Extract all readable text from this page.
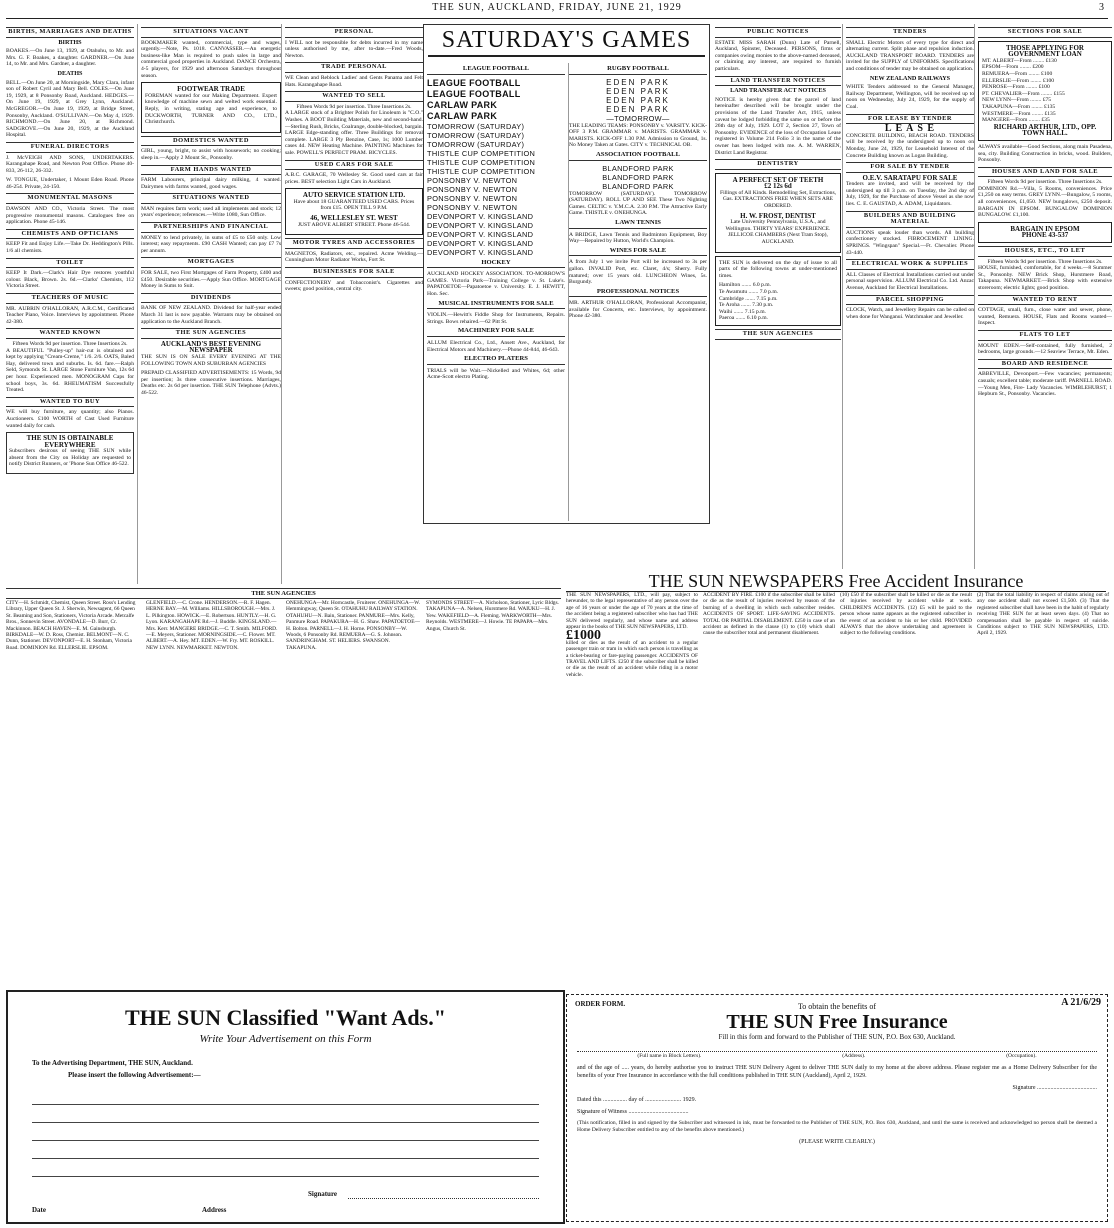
THE SUN, AUCKLAND, FRIDAY, JUNE 21, 1929	3
BIRTHS, MARRIAGES AND DEATHS
BIRTHS

BOAKES.—On June 13, 1929, at Otahuhu, to Mr. and Mrs. G. F. Boakes, a daughter. GARDNER.—On June 14, to Mr. and Mrs. Gardner, a daughter.

DEATHS

BELL.—On June 20, at Morningside, Mary Clara, infant son of Robert Cyril and Mary Bell. COLES.—On June 19, 1929, at 8 Ponsonby Road, Auckland. HEDGES.—On June 19, 1929, at Grey Lynn, Auckland. McGREGOR.—On June 19, 1929, at Bridge Street, Ponsonby, Auckland. O'SULLIVAN.—On May 4, 1929. RICHMOND.—On June 20, at Richmond. SADGROVE.—On June 20, 1929, at the Auckland Hospital.

FUNERAL DIRECTORS

J. McVEIGH AND SONS, UNDERTAKERS. Karangahape Road, and Newton Post Office. Phone 40-833, 26-112, 26-332.

W. TONGUE, Undertaker, 1 Mount Eden Road. Phone 46-254. Private, 24-150.

MONUMENTAL MASONS

DAWSON AND CO., Victoria Street. The most progressive monumental masons. Catalogues free on application. Phone 45-146.

CHEMISTS AND OPTICIANS

KEEP Fit and Enjoy Life.—Take Dr. Heddington's Pills. 1/6 all chemists.

TOILET

KEEP It Dark.—Clark's Hair Dye restores youthful colour. Black, Brown. 2s. 6d.—Clarks' Chemists, 112 Victoria Street.

TEACHERS OF MUSIC

MR. AUBRIN O'HALLORAN, A.R.C.M., Certificated Teacher Piano, Voice. Interviews by appointment. Phone 42-380.

WANTED KNOWN
Fifteen Words 9d per insertion. Three Insertions 2s.

A BEAUTIFUL "Pulley-up" hair-cut is obtained and kept by applying "Cream-Creme," 1/6. 2/6. OATS, Baled Hay, delivered town and suburbs. Is. 6d. fare.—Ralph Seld, Symonds St. LARGE Stone Furniture Van, 12s 6d per hour. Experienced men. MONOGRAM Caps for school boys, 3s. 6d. RHEUMATISM Successfully Treated.

WANTED TO BUY

WE will buy furniture, any quantity; also Pianos. Auctioneers. £100 WORTH of Cast Used Furniture wanted daily for cash.

THE SUN IS OBTAINABLE EVERYWHERE

Subscribers desirous of seeing THE SUN while absent from the City on Holiday are requested to notify District Runners, or 'Phone Sun Office 46-522.

SITUATIONS VACANT

BOOKMAKER wanted, commercial, type and wages, urgently.—Note, Ps. 1018. CANVASSER.—An energetic business-like Man is required to push sales in large and commercial good properties in Auckland. DANCE Orchestra, 4-5 players, for 1929 and afternoon Saturdays throughout season.

FOOTWEAR TRADE

FOREMAN wanted for our Making Department. Expert knowledge of machine sewn and welted work essential. Reply, in writing, stating age and experience, to DUCKWORTH, TURNER AND CO., LTD., Christchurch.

DOMESTICS WANTED

GIRL, young, bright, to assist with housework; no cooking; sleep in.—Apply 2 Mount St., Ponsonby.

FARM HANDS WANTED

FARM Labourers, principal dairy milking, 4 wanted. Dairymen with farms wanted, good wages.

SITUATIONS WANTED

MAN requires farm work; used all implements and stock; 12 years' experience; references.—Write 1080, Sun Office.

PARTNERSHIPS AND FINANCIAL

MONEY to lend privately, in sums of £5 to £50 only. Low interest; easy repayments. £90 CASH Wanted; can pay £7 7s per annum.

MORTGAGES

FOR SALE, two First Mortgages of Farm Property, £400 and £450. Desirable securities.—Apply Sun Office. MORTGAGE Money in Sums to Suit.

DIVIDENDS

BANK OF NEW ZEALAND. Dividend for half-year ended March 31 last is now payable. Warrants may be obtained on application to the Auckland Branch.

THE SUN AGENCIES
AUCKLAND'S BEST EVENING NEWSPAPER

THE SUN IS ON SALE EVERY EVENING AT THE FOLLOWING TOWN AND SUBURBAN AGENCIES

PREPAID CLASSIFIED ADVERTISEMENTS: 15 Words, 9d per insertion; 3s three consecutive insertions. Marriages, Deaths etc. 2s 6d per insertion. THE SUN Telephone (Advts.) 46-522.

PERSONAL

I WILL not be responsible for debts incurred in my name unless authorised by me, after to-date.—Fred Woods, Newton.

TRADE PERSONAL

WE Clean and Reblock Ladies' and Gents Panama and Felt Hats. Karangahape Road.

WANTED TO SELL
Fifteen Words 9d per insertion. Three Insertions 2s.

A LARGE stock of a Brighter Polish for Linoleum is "C.O." Washes. A BOOT Building Materials, new and second-hand.—Sterling Rush, Bricks, Coalrange, double-blocked, bargain. LARGE Edge-standing offer. Three Buildings for removal complete. LARGE 3 Ply Benzine, Case, 1s; 1000 Lumber cases 4d. NEW Heating Machine. PAINTING Machines for sale. POWELL'S PERFECT PRAM. BICYCLES.

USED CARS FOR SALE

A.B.C. GARAGE, 70 Wellesley St. Good used cars at fair prices. BEST selection Light Cars in Auckland.

AUTO SERVICE STATION LTD.

Have about 18 GUARANTEED USED CARS. Prices from £15. OPEN TILL 9 P.M.

46, WELLESLEY ST. WEST

JUST ABOVE ALBERT STREET. Phone 46-544.

MOTOR TYRES AND ACCESSORIES

MAGNETOS, Radiators, etc., repaired. Acme Welding.—Cunningham Motor Radiator Works, Fort St.

BUSINESSES FOR SALE

CONFECTIONERY and Tobacconist's. Cigarettes and sweets; good position, central city.

SATURDAY'S GAMES
LEAGUE FOOTBALL
LEAGUE FOOTBALL
LEAGUE FOOTBALL
CARLAW PARK
CARLAW PARK
TOMORROW (SATURDAY)
TOMORROW (SATURDAY)
TOMORROW (SATURDAY)
THISTLE CUP COMPETITION
THISTLE CUP COMPETITION
THISTLE CUP COMPETITION
PONSONBY V. NEWTON
PONSONBY V. NEWTON
PONSONBY V. NEWTON
PONSONBY V. NEWTON
DEVONPORT V. KINGSLAND
DEVONPORT V. KINGSLAND
DEVONPORT V. KINGSLAND
DEVONPORT V. KINGSLAND
DEVONPORT V. KINGSLAND
HOCKEY

AUCKLAND HOCKEY ASSOCIATION. TO-MORROW'S GAMES. Victoria Park—Training College v. St. Luke's. PAPATOETOE—Papatoetoe v. University. E. J. HEWITT, Hon. Sec.

MUSICAL INSTRUMENTS FOR SALE

VIOLIN.—Hewitt's Fiddle Shop for Instruments, Repairs. Strings. Bows rehaired.—62 Pitt St.

MACHINERY FOR SALE

ALLUM Electrical Co., Ltd., Ansett Ave., Auckland, for Electrical Motors and Machinery.—Phone 44-844, 46-643.

ELECTRO PLATERS

TRIALS will be Wait.—Nickelled and Whites, 6d; other Acme-Scott electro Plating.

RUGBY FOOTBALL
EDEN PARK
EDEN PARK
EDEN PARK
EDEN PARK
—TOMORROW—

THE LEADING TEAMS: PONSONBY v. VARSITY. KICK-OFF 3 P.M. GRAMMAR v. MARISTS. GRAMMAR v. MARISTS. KICK-OFF 1.30 P.M. Admission to Ground, 1s. No Money Taken at Gates. CITY v. TECHNICAL OB.

ASSOCIATION FOOTBALL
BLANDFORD PARK
BLANDFORD PARK
BLANDFORD PARK

TOMORROW (SATURDAY). TOMORROW (SATURDAY). ROLL UP AND SEE These Two Nighting Games. CELTIC v. Y.M.C.A. 2.30 P.M. The Attractive Early Game. THISTLE v. ONEHUNGA.

LAWN TENNIS

A BRIDGE, Lawn Tennis and Badminton Equipment, Boy Way—Repaired by Hutton, World's Champion.

WINES FOR SALE

A from July 1 we invite Port will be increased to 3s per gallon. INVALID Port, etc. Claret, 4/s; Sherry. Fully matured; over 15 years old. LUNCHEON Wines, 5s. Burgundy.

PROFESSIONAL NOTICES

MR. ARTHUR O'HALLORAN, Professional Accompanist, available for Concerts, etc. Interviews, by appointment. Phone 42-380.

PUBLIC NOTICES

ESTATE MISS SARAH (Dunn) Late of Parnell, Auckland, Spinster, Deceased. PERSONS, firms or companies owing monies to the above-named deceased, or claiming any interest, are required to furnish particulars.

LAND TRANSFER NOTICES
LAND TRANSFER ACT NOTICES

NOTICE is hereby given that the parcel of land hereinafter described will be brought under the provisions of the Land Transfer Act, 1915, unless caveat be lodged forbidding the same on or before the 26th day of July, 1929. LOT 2, Section 27, Town of Ponsonby. EVIDENCE of the loss of Occupation Lease registered in Volume 214 Folio 3 in the name of the owner has been lodged with me. A. M. WARREN, District Land Registrar.

DENTISTRY
A PERFECT SET OF TEETH
£2 12s 6d

Fillings of All Kinds. Remodelling Set, Extractions, Gas. EXTRACTIONS FREE WHEN SETS ARE ORDERED.

H. W. FROST, DENTIST

Late University Pennsylvania, U.S.A., and Wellington. THIRTY YEARS' EXPERIENCE. JELLICOE CHAMBERS (Next Tram Stop), AUCKLAND.

THE SUN is delivered on the day of issue to all parts of the following towns at under-mentioned times.

Hamilton ....... 6.0 p.m.
Te Awamutu ....... 7.0 p.m.
Cambridge ....... 7.15 p.m.
Te Aroha ....... 7.30 p.m.
Waihi ....... 7.15 p.m.
Paeroa ....... 6.10 p.m.
THE SUN AGENCIES
TENDERS

SMALL Electric Motors of every type for direct and alternating current. Split phase and repulsion induction. AUCKLAND TRANSPORT BOARD. TENDERS are invited for the SUPPLY of UNIFORMS. Specifications and conditions of tender may be obtained on application.

NEW ZEALAND RAILWAYS

WHITE Tenders addressed to the General Manager, Railway Department, Wellington, will be received up to noon on Wednesday, July 24, 1929, for the supply of Coal.

FOR LEASE BY TENDER
L E A S E

CONCRETE BUILDING, BEACH ROAD. TENDERS will be received by the undersigned up to noon on Monday, June 24, 1929, for Leasehold Interest of the Concrete Building known as Logan Building.

FOR SALE BY TENDER
O.E.V. SARATAPU FOR SALE

Tenders are invited, and will be received by the undersigned up till 3 p.m. on Tuesday, the 2nd day of July, 1929, for the Purchase of above Vessel as she now lies. C. E. GAUSTAD, A. ADAM, Liquidators.

BUILDERS AND BUILDING MATERIAL

AUCTIONS speak louder than words. All building confectionery stocked. FIBROCEMENT LINING. SPRINGS. "Wingspan" Special.—Ft. Chevalier. Phone 43-440.

ELECTRICAL WORK & SUPPLIES

ALL Classes of Electrical Installations carried out under personal supervision. ALLUM Electrical Co. Ltd. Anzac Avenue, Auckland for Electrical Installations.

PARCEL SHOPPING

CLOCK, Watch, and Jewellery Repairs can be called on when done for Wanganui. Watchmaker and Jeweller.

SECTIONS FOR SALE
THOSE APPLYING FOR GOVERNMENT LOAN
MT. ALBERT—From ........ £130
EPSOM—From ........ £200
REMUERA—From ........ £100
ELLERSLIE—From ........ £100
PENROSE—From ........ £100
PT. CHEVALIER—From ........ £155
NEW LYNN—From ........ £75
TAKAPUNA—From ........ £135
WESTMERE—From ........ £135
MANGERE—From ........ £35
RICHARD ARTHUR, LTD., OPP. TOWN HALL.

ALWAYS available—Good Sections, along main Pasadena, sea, city. Building Construction in bricks, wood. Builders, Ponsonby.

HOUSES AND LAND FOR SALE
Fifteen Words 9d per insertion. Three Insertions 2s.

DOMINION Rd.—Villa, 5 Rooms, conveniences. Price £1,250 on easy terms. GREY LYNN.—Bungalow, 5 rooms, all conveniences, £1,050. NEW bungalows, £250 deposit. BARGAIN IN EPSOM. BUNGALOW DOMINION BUNGALOW. £1,100.

BARGAIN IN EPSOM
PHONE 43-537
HOUSES, ETC., TO LET
Fifteen Words 9d per insertion. Three Insertions 2s.

HOUSE, furnished, comfortable, for 4 weeks.—8 Summer St., Ponsonby. NEW Brick Shop, Hurstmere Road, Takapuna. NEWMARKET.—Brick Shop with extensive storeroom; electric lights; good position.

WANTED TO RENT

COTTAGE, small, furn., close water and sewer, phone, wanted, Remuera. HOUSE, Flats and Rooms wanted—Inspect.

FLATS TO LET

MOUNT EDEN.—Self-contained, fully furnished, 2 bedrooms, large grounds.—12 Seaview Terrace, Mt. Eden.

BOARD AND RESIDENCE

ABBEVILLE, Devonport.—Few vacancies; permanents; casuals; excellent table; moderate tariff. PARNELL ROAD.—Young Men, Fire- Lady Vacancies. WIMBLEHURST, 1 Hepburn St., Ponsonby. Vacancies.

THE SUN AGENCIES
CITY—H. Schmidt, Chemist, Queen Street. Ross's Lending Library, Upper Queen St. J. Sherwin, Newsagent, 66 Queen St. Beaming and Son, Stationers, Victoria Arcade. Metcalfe Bros., Sonnevin Street. AVONDALE—D. Burr, Cr. Mackinnon. BEACH HAVEN—E. M. Gainsburgh. BIRKDALE—W. D. Ross, Chemist. BELMONT—N. C. Dunn, Stationer. DEVONPORT—E. H. Stonham, Victoria Road. DOMINION Rd. ELLERSLIE. EPSOM.
GLENFIELD.—C. Crone. HENDERSON.—R. F. Hagen. HERNE BAY.—M. Williams. HILLSBOROUGH.—Mrs. J. L. Pilkington. HOWICK.—E. Robertson. HUNTLY.—H. G. Lyon. KARANGAHAPE Rd.—J. Buddle. KINGSLAND.—Mrs. Kerr. MANGERE BRIDGE.—C. T. Smith. MILFORD.—E. Meyers, Stationer. MORNINGSIDE.—C. Flower. MT. ALBERT.—A. Hey. MT. EDEN.—W. Fry. MT. ROSKILL. NEW LYNN. NEWMARKET. NEWTON.
ONEHUNGA—Mr. Horncastle, Fruiterer. ONEHUNGA—W. Hemmingway, Queen St. OTAHUHU RAILWAY STATION. OTAHUHU—N. Bain, Stationer. PANMURE—Mrs. Kelly, Panmure Road. PAPAKURA—H. G. Shaw. PAPATOETOE—H. Bolton. PARNELL—J. H. Horne. PONSONBY—W. Woods, 6 Ponsonby Rd. REMUERA—G. S. Johnson. SANDRINGHAM. ST. HELIERS. SWANSON. TAKAPUNA.
SYMONDS STREET—A. Nicholson, Stationer, Lyric Bldgs. TAKAPUNA—A. Nelsen, Hurstmere Rd. WAIUKU—H. J. Yew. WAKEFIELD—A. Fleming. WARKWORTH—Mrs. Reynolds. WESTMERE—J. Howie. TE PAPAPA—Mrs. Angus, Church St.
THE SUN NEWSPAPERS Free Accident Insurance

THE SUN NEWSPAPERS, LTD., will pay, subject to hereunder, to the legal representative of any person over the age of 16 years or under the age of 70 years at the time of the accident being a registered subscriber who has had THE SUN delivered regularly, and whose name and address appear in the books of THE SUN NEWSPAPERS, LTD.

£1000

killed or dies as the result of an accident to a regular passenger train or tram in which such person is travelling as a ticket-bearing or fare-paying passenger. ACCIDENTS OF TRAVEL AND LIFTS. £250 if the subscriber shall be killed or die as the result of an accident while riding in a motor vehicle.

ACCIDENT BY FIRE. £100 if the subscriber shall be killed or die as the result of injuries received by reason of the burning of a dwelling in which such subscriber resides. ACCIDENTS OF SPORT. LIFE-SAVING ACCIDENTS. TOTAL OR PARTIAL DISABLEMENT. £250 in case of an accident as defined in the clause (1) to (10) which shall cause the subscriber total and permanent disablement.
(10) £50 if the subscriber shall be killed or die as the result of injuries received by accident while at work. CHILDREN'S ACCIDENTS. (12) £5 will be paid to the person whose name appears as the registered subscriber in the event of an accident to his or her child. PROVIDED ALWAYS that the above undertaking and agreement is subject to the following conditions.
(2) That the total liability in respect of claims arising out of any one accident shall not exceed £1,500. (3) That the registered subscriber shall have been in the habit of regularly receiving THE SUN for at least seven days. (4) That no compensation shall be payable in respect of suicide. Conditions subject to THE SUN NEWSPAPERS, LTD. April 2, 1929.
ORDER FORM.	A 21/6/29
To obtain the benefits of
THE SUN Free Insurance
Fill in this form and forward to the Publisher of THE SUN, P.O. Box 630, Auckland.
(Full name in Block Letters).	(Address).	(Occupation).

and of the age of ..... years, do hereby authorise you to instruct THE SUN Delivery Agent to deliver THE SUN daily to my home at the above address. Please register me as a Home Delivery Subscriber for the benefits of your Free Insurance in accordance with the full conditions published in THE SUN (Auckland), April 2, 1929.

Signature ........................................
Dated this ................ day of ........................ 1929.
Signature of Witness ........................................

(This notification, filled in and signed by the Subscriber and witnessed in ink, must be forwarded to the Publisher of THE SUN, P.O. Box 630, Auckland, and until the same is received and acknowledged no person shall be deemed a Home Delivery Subscriber entitled to any of the benefits above mentioned.)

(PLEASE WRITE CLEARLY.)
THE SUN Classified "Want Ads."
Write Your Advertisement on this Form
To the Advertising Department, THE SUN, Auckland.
Please insert the following Advertisement:—
Signature
Date	Address
